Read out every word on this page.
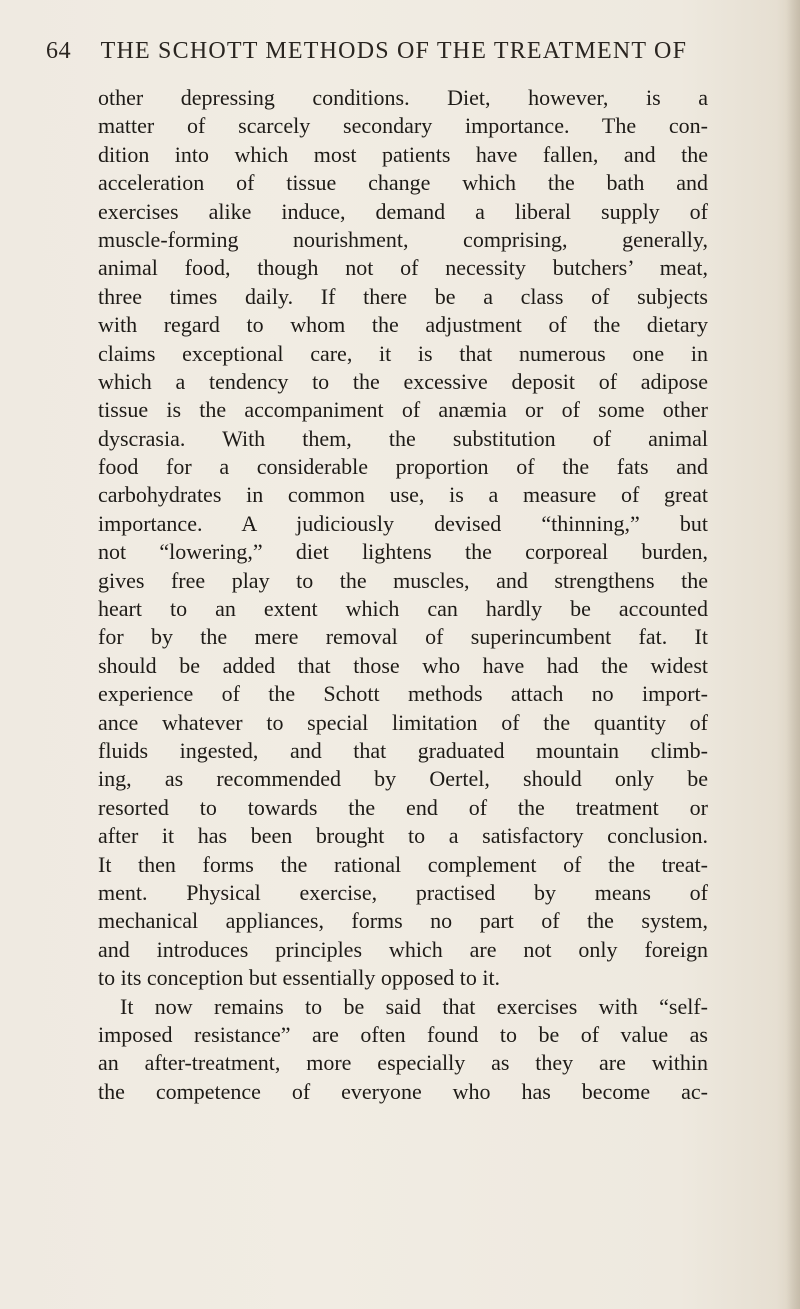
64 THE SCHOTT METHODS OF THE TREATMENT OF
other depressing conditions. Diet, however, is a
matter of scarcely secondary importance. The con-
dition into which most patients have fallen, and the
acceleration of tissue change which the bath and
exercises alike induce, demand a liberal supply of
muscle-forming nourishment, comprising, generally,
animal food, though not of necessity butchers’ meat,
three times daily. If there be a class of subjects
with regard to whom the adjustment of the dietary
claims exceptional care, it is that numerous one in
which a tendency to the excessive deposit of adipose
tissue is the accompaniment of anæmia or of some other
dyscrasia. With them, the substitution of animal
food for a considerable proportion of the fats and
carbohydrates in common use, is a measure of great
importance. A judiciously devised “thinning,” but
not “lowering,” diet lightens the corporeal burden,
gives free play to the muscles, and strengthens the
heart to an extent which can hardly be accounted
for by the mere removal of superincumbent fat. It
should be added that those who have had the widest
experience of the Schott methods attach no import-
ance whatever to special limitation of the quantity of
fluids ingested, and that graduated mountain climb-
ing, as recommended by Oertel, should only be
resorted to towards the end of the treatment or
after it has been brought to a satisfactory conclusion.
It then forms the rational complement of the treat-
ment. Physical exercise, practised by means of
mechanical appliances, forms no part of the system,
and introduces principles which are not only foreign
to its conception but essentially opposed to it.
It now remains to be said that exercises with “self-
imposed resistance” are often found to be of value as
an after-treatment, more especially as they are within
the competence of everyone who has become ac-
